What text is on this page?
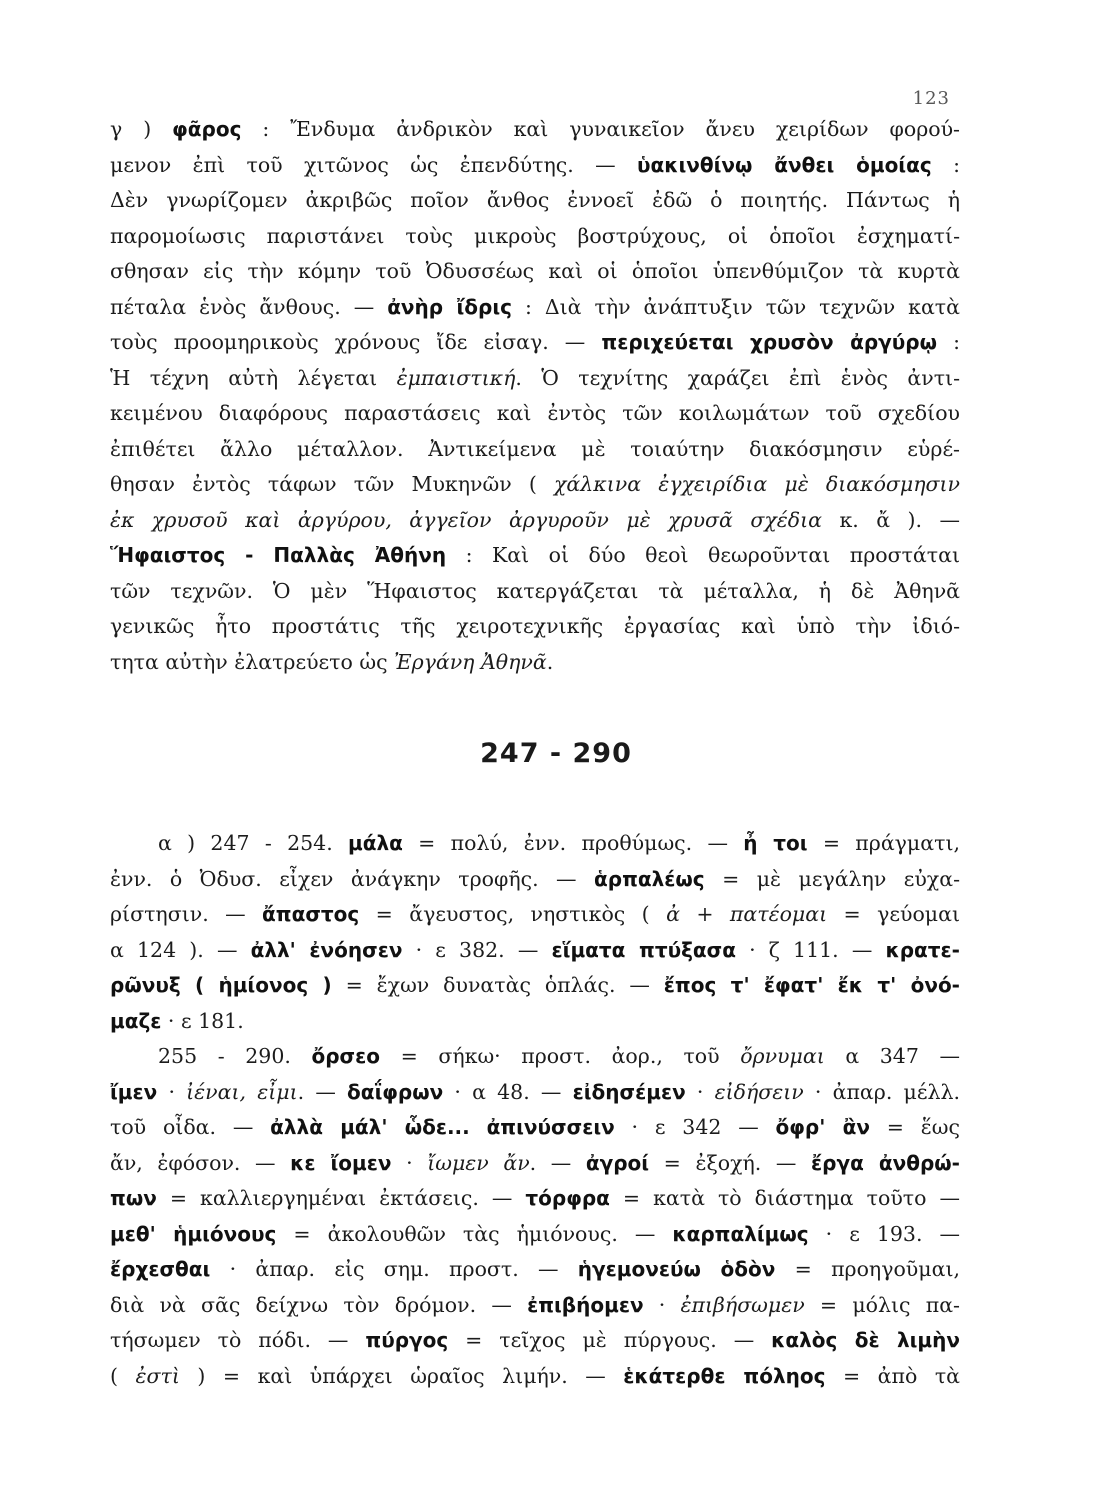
123

γ ) φᾶρος : Ἔνδυμα ἀνδρικὸν καὶ γυναικεῖον ἄνευ χειρίδων φορού-

μενον ἐπὶ τοῦ χιτῶνος ὡς ἐπενδύτης. — ὑακινθίνῳ ἄνθει ὁμοίας :

Δὲν γνωρίζομεν ἀκριβῶς ποῖον ἄνθος ἐννοεῖ ἐδῶ ὁ ποιητής. Πάντως ἡ

παρομοίωσις παριστάνει τοὺς μικροὺς βοστρύχους, οἱ ὁποῖοι ἐσχηματί-

σθησαν εἰς τὴν κόμην τοῦ Ὀδυσσέως καὶ οἱ ὁποῖοι ὑπενθύμιζον τὰ κυρτὰ

πέταλα ἑνὸς ἄνθους. — ἀνὴρ ἴδρις : Διὰ τὴν ἀνάπτυξιν τῶν τεχνῶν κατὰ

τοὺς προομηρικοὺς χρόνους ἴδε εἰσαγ. — περιχεύεται χρυσὸν ἀργύρῳ :

Ἡ τέχνη αὐτὴ λέγεται ἐμπαιστική. Ὁ τεχνίτης χαράζει ἐπὶ ἑνὸς ἀντι-

κειμένου διαφόρους παραστάσεις καὶ ἐντὸς τῶν κοιλωμάτων τοῦ σχεδίου

ἐπιθέτει ἄλλο μέταλλον. Ἀντικείμενα μὲ τοιαύτην διακόσμησιν εὑρέ-

θησαν ἐντὸς τάφων τῶν Μυκηνῶν ( χάλκινα ἐγχειρίδια μὲ διακόσμησιν

ἐκ χρυσοῦ καὶ ἀργύρου, ἀγγεῖον ἀργυροῦν μὲ χρυσᾶ σχέδια κ. ἄ ). —

Ἥφαιστος - Παλλὰς Ἀθήνη : Καὶ οἱ δύο θεοὶ θεωροῦνται προστάται

τῶν τεχνῶν. Ὁ μὲν Ἥφαιστος κατεργάζεται τὰ μέταλλα, ἡ δὲ Ἀθηνᾶ

γενικῶς ἦτο προστάτις τῆς χειροτεχνικῆς ἐργασίας καὶ ὑπὸ τὴν ἰδιό-

τητα αὐτὴν ἐλατρεύετο ὡς Ἐργάνη Ἀθηνᾶ.

247 - 290

α ) 247 - 254. μάλα = πολύ, ἐνν. προθύμως. — ἦ τοι = πράγματι,

ἐνν. ὁ Ὀδυσ. εἶχεν ἀνάγκην τροφῆς. — ἁρπαλέως = μὲ μεγάλην εὐχα-

ρίστησιν. — ἄπαστος = ἄγευστος, νηστικὸς ( ἀ + πατέομαι = γεύομαι

α 124 ). — ἀλλ' ἐνόησεν · ε 382. — εἵματα πτύξασα · ζ 111. — κρατε-

ρῶνυξ ( ἡμίονος ) = ἔχων δυνατὰς ὁπλάς. — ἔπος τ' ἔφατ' ἔκ τ' ὀνό-

μαζε · ε 181.

255 - 290. ὄρσεο = σήκω· προστ. ἀορ., τοῦ ὄρνυμαι α 347 —

ἴμεν · ἰέναι, εἶμι. — δαΐφρων · α 48. — εἰδησέμεν · εἰδήσειν · ἀπαρ. μέλλ.

τοῦ οἶδα. — ἀλλὰ μάλ' ὧδε... ἀπινύσσειν · ε 342 — ὄφρ' ἂν = ἕως

ἄν, ἐφόσον. — κε ἴομεν · ἴωμεν ἄν. — ἀγροί = ἐξοχή. — ἔργα ἀνθρώ-

πων = καλλιεργημέναι ἐκτάσεις. — τόρφρα = κατὰ τὸ διάστημα τοῦτο —

μεθ' ἡμιόνους = ἀκολουθῶν τὰς ἡμιόνους. — καρπαλίμως · ε 193. —

ἔρχεσθαι · ἀπαρ. εἰς σημ. προστ. — ἡγεμονεύω ὁδὸν = προηγοῦμαι,

διὰ νὰ σᾶς δείχνω τὸν δρόμον. — ἐπιβήομεν · ἐπιβήσωμεν = μόλις πα-

τήσωμεν τὸ πόδι. — πύργος = τεῖχος μὲ πύργους. — καλὸς δὲ λιμὴν

( ἐστὶ ) = καὶ ὑπάρχει ὡραῖος λιμήν. — ἑκάτερθε πόληος = ἀπὸ τὰ
